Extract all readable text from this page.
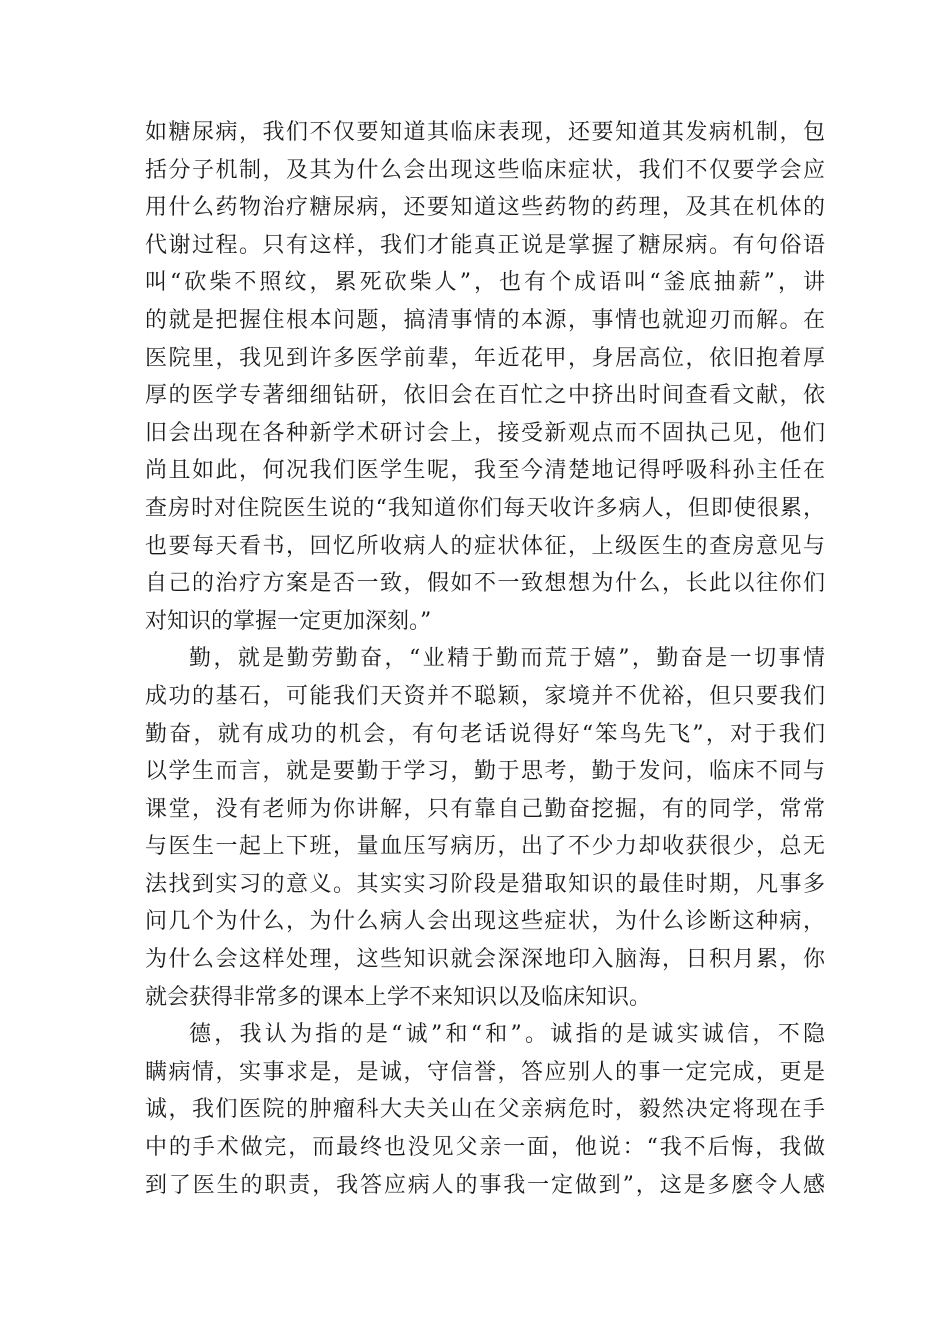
如糖尿病，我们不仅要知道其临床表现，还要知道其发病机制，包
括分子机制，及其为什么会出现这些临床症状，我们不仅要学会应
用什么药物治疗糖尿病，还要知道这些药物的药理，及其在机体的
代谢过程。只有这样，我们才能真正说是掌握了糖尿病。有句俗语
叫“砍柴不照纹，累死砍柴人”，也有个成语叫“釜底抽薪”，讲
的就是把握住根本问题，搞清事情的本源，事情也就迎刃而解。在
医院里，我见到许多医学前辈，年近花甲，身居高位，依旧抱着厚
厚的医学专著细细钻研，依旧会在百忙之中挤出时间查看文献，依
旧会出现在各种新学术研讨会上，接受新观点而不固执己见，他们
尚且如此，何况我们医学生呢，我至今清楚地记得呼吸科孙主任在
查房时对住院医生说的“我知道你们每天收许多病人，但即使很累，
也要每天看书，回忆所收病人的症状体征，上级医生的查房意见与
自己的治疗方案是否一致，假如不一致想想为什么，长此以往你们
对知识的掌握一定更加深刻。”
勤，就是勤劳勤奋，“业精于勤而荒于嬉”，勤奋是一切事情
成功的基石，可能我们天资并不聪颖，家境并不优裕，但只要我们
勤奋，就有成功的机会，有句老话说得好“笨鸟先飞”，对于我们
以学生而言，就是要勤于学习，勤于思考，勤于发问，临床不同与
课堂，没有老师为你讲解，只有靠自己勤奋挖掘，有的同学，常常
与医生一起上下班，量血压写病历，出了不少力却收获很少，总无
法找到实习的意义。其实实习阶段是猎取知识的最佳时期，凡事多
问几个为什么，为什么病人会出现这些症状，为什么诊断这种病，
为什么会这样处理，这些知识就会深深地印入脑海，日积月累，你
就会获得非常多的课本上学不来知识以及临床知识。
德，我认为指的是“诚”和“和”。诚指的是诚实诚信，不隐
瞒病情，实事求是，是诚，守信誉，答应别人的事一定完成，更是
诚，我们医院的肿瘤科大夫关山在父亲病危时，毅然决定将现在手
中的手术做完，而最终也没见父亲一面，他说：“我不后悔，我做
到了医生的职责，我答应病人的事我一定做到”，这是多麽令人感
